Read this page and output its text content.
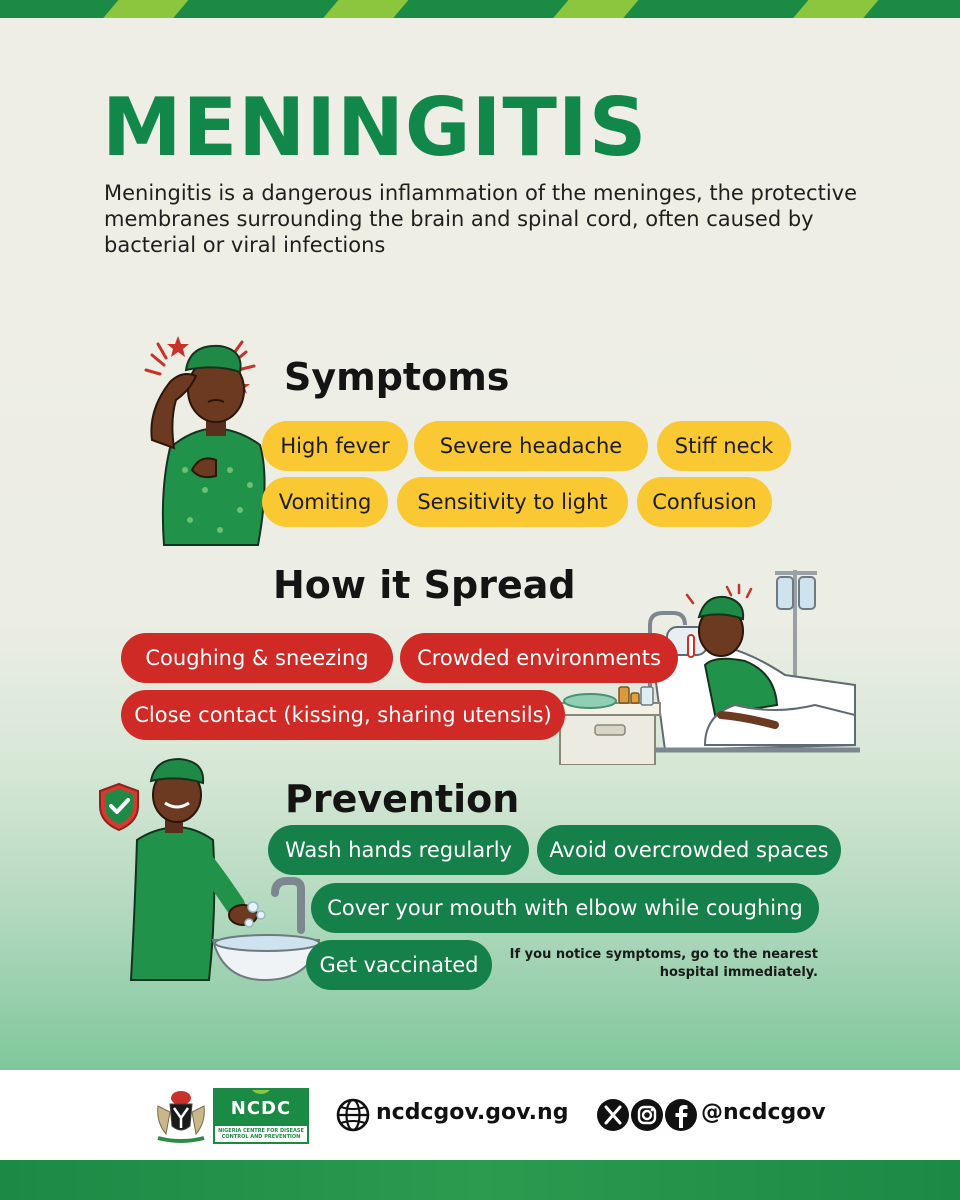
MENINGITIS

Meningitis is a dangerous inflammation of the meninges, the protective membranes surrounding the brain and spinal cord, often caused by bacterial or viral infections

Symptoms
High fever	Severe headache	Stiff neck
Vomiting	Sensitivity to light	Confusion
How it Spread
Coughing & sneezing	Crowded environments
Close contact (kissing, sharing utensils)
Prevention
Wash hands regularly	Avoid overcrowded spaces
Cover your mouth with elbow while coughing
Get vaccinated	If you notice symptoms, go to the nearest
hospital immediately.
NCDC
NIGERIA CENTRE FOR DISEASE CONTROL AND PREVENTION
ncdcgov.gov.ng	@ncdcgov
